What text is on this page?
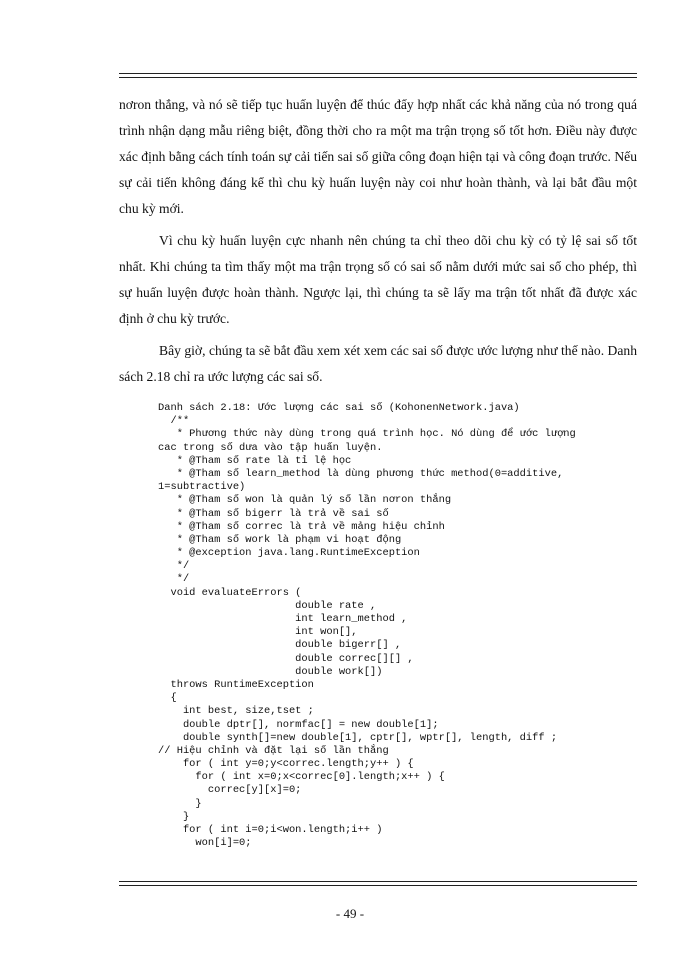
nơron thắng, và nó sẽ tiếp tục huấn luyện để thúc đẩy hợp nhất các khả năng của nó trong quá trình nhận dạng mẫu riêng biệt, đồng thời cho ra một ma trận trọng số tốt hơn. Điều này được xác định bằng cách tính toán sự cải tiến sai số giữa công đoạn hiện tại và công đoạn trước. Nếu sự cải tiến không đáng kể thì chu kỳ huấn luyện này coi như hoàn thành, và lại bắt đầu một chu kỳ mới.

Vì chu kỳ huấn luyện cực nhanh nên chúng ta chỉ theo dõi chu kỳ có tỷ lệ sai số tốt nhất. Khi chúng ta tìm thấy một ma trận trọng số có sai số nằm dưới mức sai số cho phép, thì sự huấn luyện được hoàn thành. Ngược lại, thì chúng ta sẽ lấy ma trận tốt nhất đã được xác định ở chu kỳ trước.

Bây giờ, chúng ta sẽ bắt đầu xem xét xem các sai số được ước lượng như thế nào. Danh sách 2.18 chỉ ra ước lượng các sai số.

Danh sách 2.18: Ước lượng các sai số (KohonenNetwork.java)
/**
* Phương thức này dùng trong quá trình học. Nó dùng để ước lượng
cac trong số dưa vào tập huấn luyện.
* @Tham số rate là tỉ lệ học
* @Tham số learn_method là dùng phương thức method(0=additive,
1=subtractive)
* @Tham số won là quản lý số lần nơron thắng
* @Tham số bigerr là trả về sai số
* @Tham số correc là trả về mảng hiệu chỉnh
* @Tham số work là phạm vi hoạt động
* @exception java.lang.RuntimeException
*/
*/
void evaluateErrors (
double rate ,
int learn_method ,
int won[],
double bigerr[] ,
double correc[][] ,
double work[])
throws RuntimeException
{
int best, size,tset ;
double dptr[], normfac[] = new double[1];
double synth[]=new double[1], cptr[], wptr[], length, diff ;
// Hiệu chỉnh và đặt lại số lần thắng
for ( int y=0;y<correc.length;y++ ) {
for ( int x=0;x<correc[0].length;x++ ) {
correc[y][x]=0;
}
}
for ( int i=0;i<won.length;i++ )
won[i]=0;
- 49 -
